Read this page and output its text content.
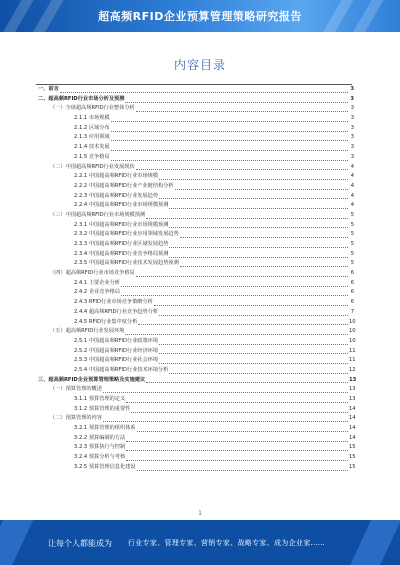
超高频RFID企业预算管理策略研究报告
内容目录
一、前言	3
二、超高频RFID行业市场分析及预测	3
（一）全球超高频RFID行业整体分析	3
2.1.1 市场规模	3
2.1.2 区域分布	3
2.1.3 应用领域	3
2.1.4 技术发展	3
2.1.5 竞争格局	3
（二）中国超高频RFID行业发展现状	4
2.2.1 中国超高频RFID行业市场规模	4
2.2.2 中国超高频RFID行业产业链结构分析	4
2.2.3 中国超高频RFID行业发展趋势	4
2.2.4 中国超高频RFID行业市场规模预测	4
（三）中国超高频RFID行业市场规模预测	5
2.3.1 中国超高频RFID行业市场规模预测	5
2.3.2 中国超高频RFID行业应用领域发展趋势	5
2.3.3 中国超高频RFID行业区域发展趋势	5
2.3.4 中国超高频RFID行业竞争格局预测	5
2.3.5 中国超高频RFID行业技术发展趋势预测	5
（四）超高频RFID行业市场竞争格局	6
2.4.1 主要企业分析	6
2.4.2 企业竞争格局	6
2.4.3 RFID行业市场竞争策略分析	6
2.4.4 超高频RFID行业竞争趋势分析	7
2.4.5 RFID行业集中度分析	10
（五）超高频RFID行业发展环境	10
2.5.1 中国超高频RFID行业政策环境	10
2.5.2 中国超高频RFID行业经济环境	11
2.5.3 中国超高频RFID行业社会环境	11
2.5.4 中国超高频RFID行业技术环境分析	12
三、超高频RFID企业预算管理策略及实施建议	13
（一）预算管理的概述	13
3.1.1 预算管理的定义	13
3.1.2 预算管理的重要性	14
（二）预算管理的内容	14
3.2.1 预算管理的组织体系	14
3.2.2 预算编制的方法	14
3.2.3 预算执行与控制	15
3.2.4 预算分析与考核	15
3.2.5 预算管理信息化建设	15
1
让每个人都能成为 行业专家、管理专家、营销专家、战略专家、成为企业家……
